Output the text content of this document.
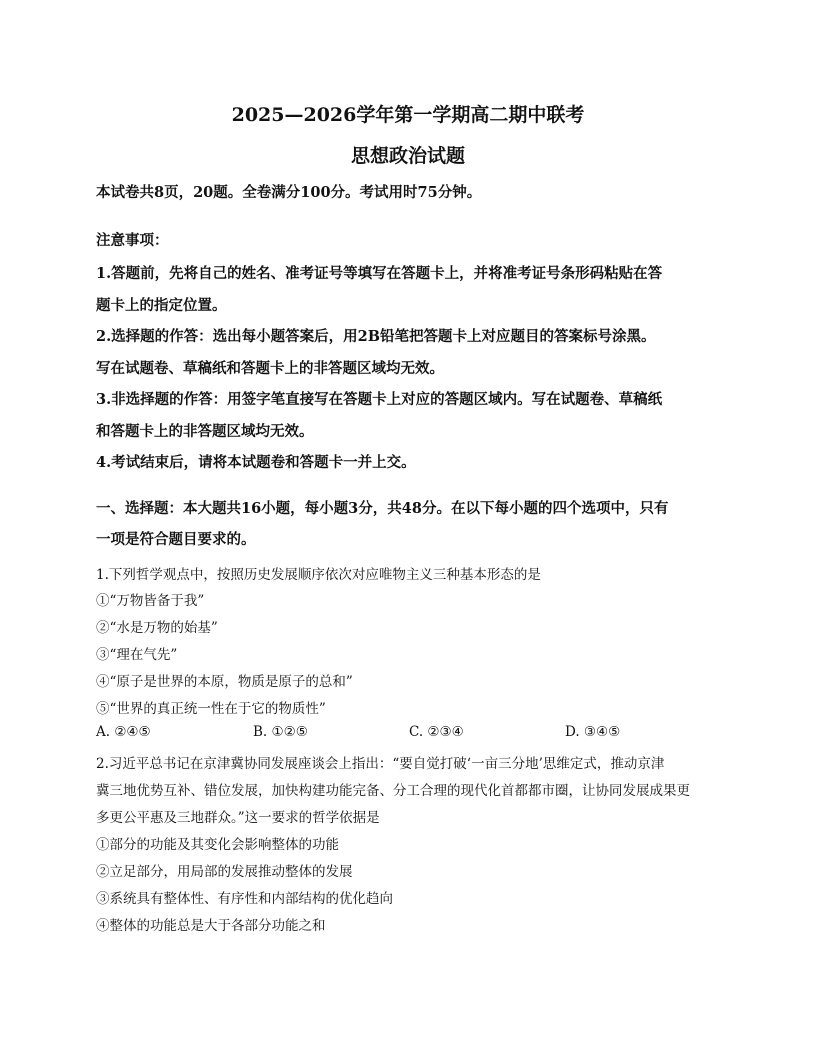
2025—2026学年第一学期高二期中联考
思想政治试题
本试卷共8页，20题。全卷满分100分。考试用时75分钟。
注意事项：
1.答题前，先将自己的姓名、准考证号等填写在答题卡上，并将准考证号条形码粘贴在答
题卡上的指定位置。
2.选择题的作答：选出每小题答案后，用2B铅笔把答题卡上对应题目的答案标号涂黑。
写在试题卷、草稿纸和答题卡上的非答题区域均无效。
3.非选择题的作答：用签字笔直接写在答题卡上对应的答题区域内。写在试题卷、草稿纸
和答题卡上的非答题区域均无效。
4.考试结束后，请将本试题卷和答题卡一并上交。
一、选择题：本大题共16小题，每小题3分，共48分。在以下每小题的四个选项中，只有
一项是符合题目要求的。
1.下列哲学观点中，按照历史发展顺序依次对应唯物主义三种基本形态的是
①“万物皆备于我”
②“水是万物的始基”
③“理在气先”
④“原子是世界的本原，物质是原子的总和”
⑤“世界的真正统一性在于它的物质性”
A. ②④⑤	B. ①②⑤	C. ②③④	D. ③④⑤
2.习近平总书记在京津冀协同发展座谈会上指出：“要自觉打破‘一亩三分地’思维定式，推动京津
冀三地优势互补、错位发展，加快构建功能完备、分工合理的现代化首都都市圈，让协同发展成果更
多更公平惠及三地群众。”这一要求的哲学依据是
①部分的功能及其变化会影响整体的功能
②立足部分，用局部的发展推动整体的发展
③系统具有整体性、有序性和内部结构的优化趋向
④整体的功能总是大于各部分功能之和
